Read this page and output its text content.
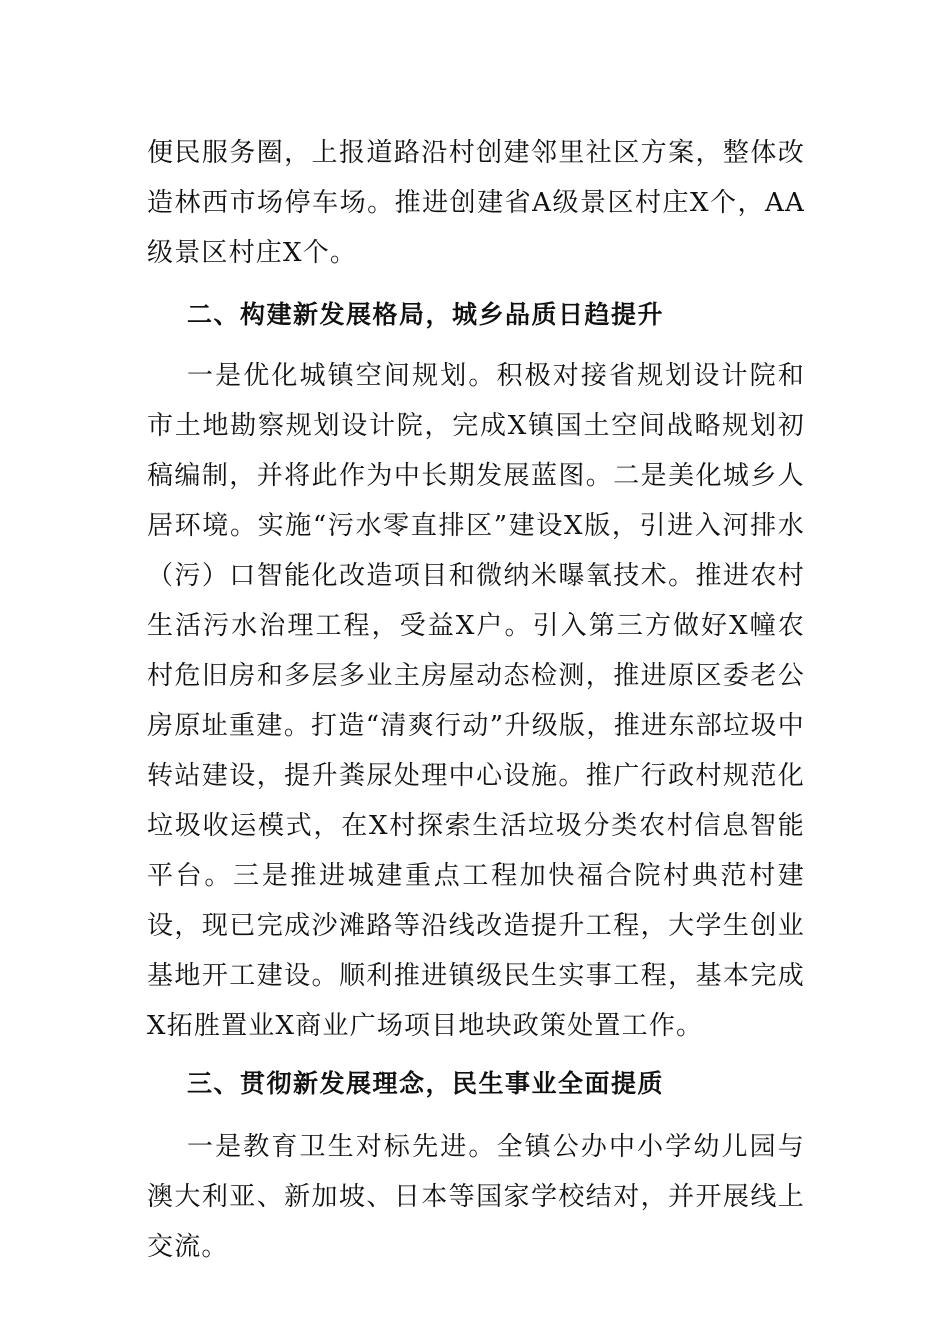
便民服务圈，上报道路沿村创建邻里社区方案，整体改造林西市场停车场。推进创建省A级景区村庄X个，AA级景区村庄X个。

二、构建新发展格局，城乡品质日趋提升

一是优化城镇空间规划。积极对接省规划设计院和市土地勘察规划设计院，完成X镇国土空间战略规划初稿编制，并将此作为中长期发展蓝图。二是美化城乡人居环境。实施“污水零直排区”建设X版，引进入河排水（污）口智能化改造项目和微纳米曝氧技术。推进农村生活污水治理工程，受益X户。引入第三方做好X幢农村危旧房和多层多业主房屋动态检测，推进原区委老公房原址重建。打造“清爽行动”升级版，推进东部垃圾中转站建设，提升粪尿处理中心设施。推广行政村规范化垃圾收运模式，在X村探索生活垃圾分类农村信息智能平台。三是推进城建重点工程加快福合院村典范村建设，现已完成沙滩路等沿线改造提升工程，大学生创业基地开工建设。顺利推进镇级民生实事工程，基本完成X拓胜置业X商业广场项目地块政策处置工作。

三、贯彻新发展理念，民生事业全面提质

一是教育卫生对标先进。全镇公办中小学幼儿园与澳大利亚、新加坡、日本等国家学校结对，并开展线上交流。
